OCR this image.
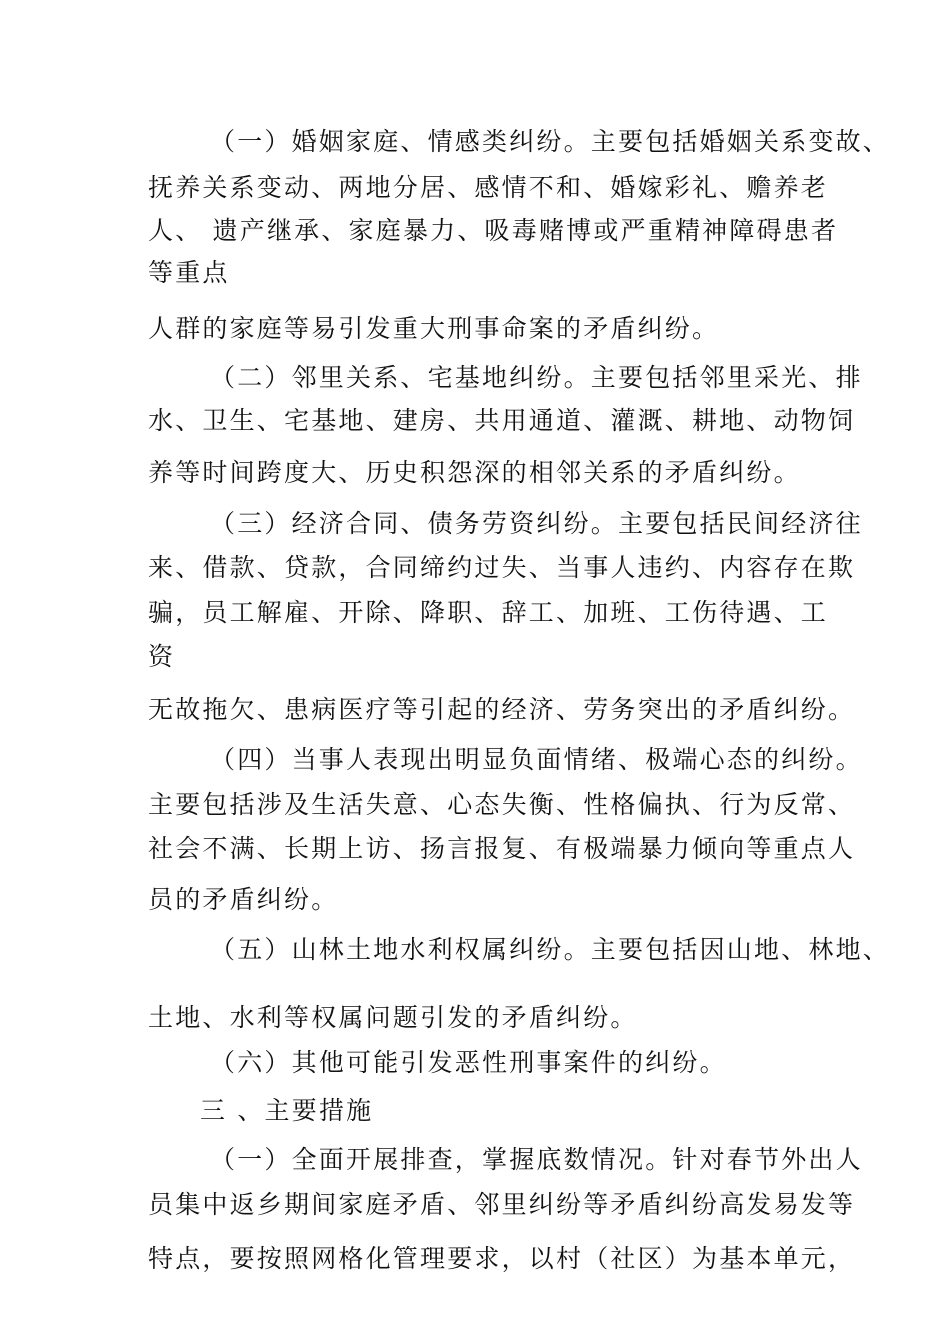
（一）婚姻家庭、情感类纠纷。主要包括婚姻关系变故、
抚养关系变动、两地分居、感情不和、婚嫁彩礼、赡养老
人、 遗产继承、家庭暴力、吸毒赌博或严重精神障碍患者
等重点
人群的家庭等易引发重大刑事命案的矛盾纠纷。
（二）邻里关系、宅基地纠纷。主要包括邻里采光、排
水、卫生、宅基地、建房、共用通道、灌溉、耕地、动物饲
养等时间跨度大、历史积怨深的相邻关系的矛盾纠纷。
（三）经济合同、债务劳资纠纷。主要包括民间经济往
来、借款、贷款，合同缔约过失、当事人违约、内容存在欺
骗，员工解雇、开除、降职、辞工、加班、工伤待遇、工
资
无故拖欠、患病医疗等引起的经济、劳务突出的矛盾纠纷。
（四）当事人表现出明显负面情绪、极端心态的纠纷。
主要包括涉及生活失意、心态失衡、性格偏执、行为反常、
社会不满、长期上访、扬言报复、有极端暴力倾向等重点人
员的矛盾纠纷。
（五）山林土地水利权属纠纷。主要包括因山地、林地、
土地、水利等权属问题引发的矛盾纠纷。
（六）其他可能引发恶性刑事案件的纠纷。
三 、主要措施
（一）全面开展排查，掌握底数情况。针对春节外出人
员集中返乡期间家庭矛盾、邻里纠纷等矛盾纠纷高发易发等
特点，要按照网格化管理要求，以村（社区）为基本单元，
